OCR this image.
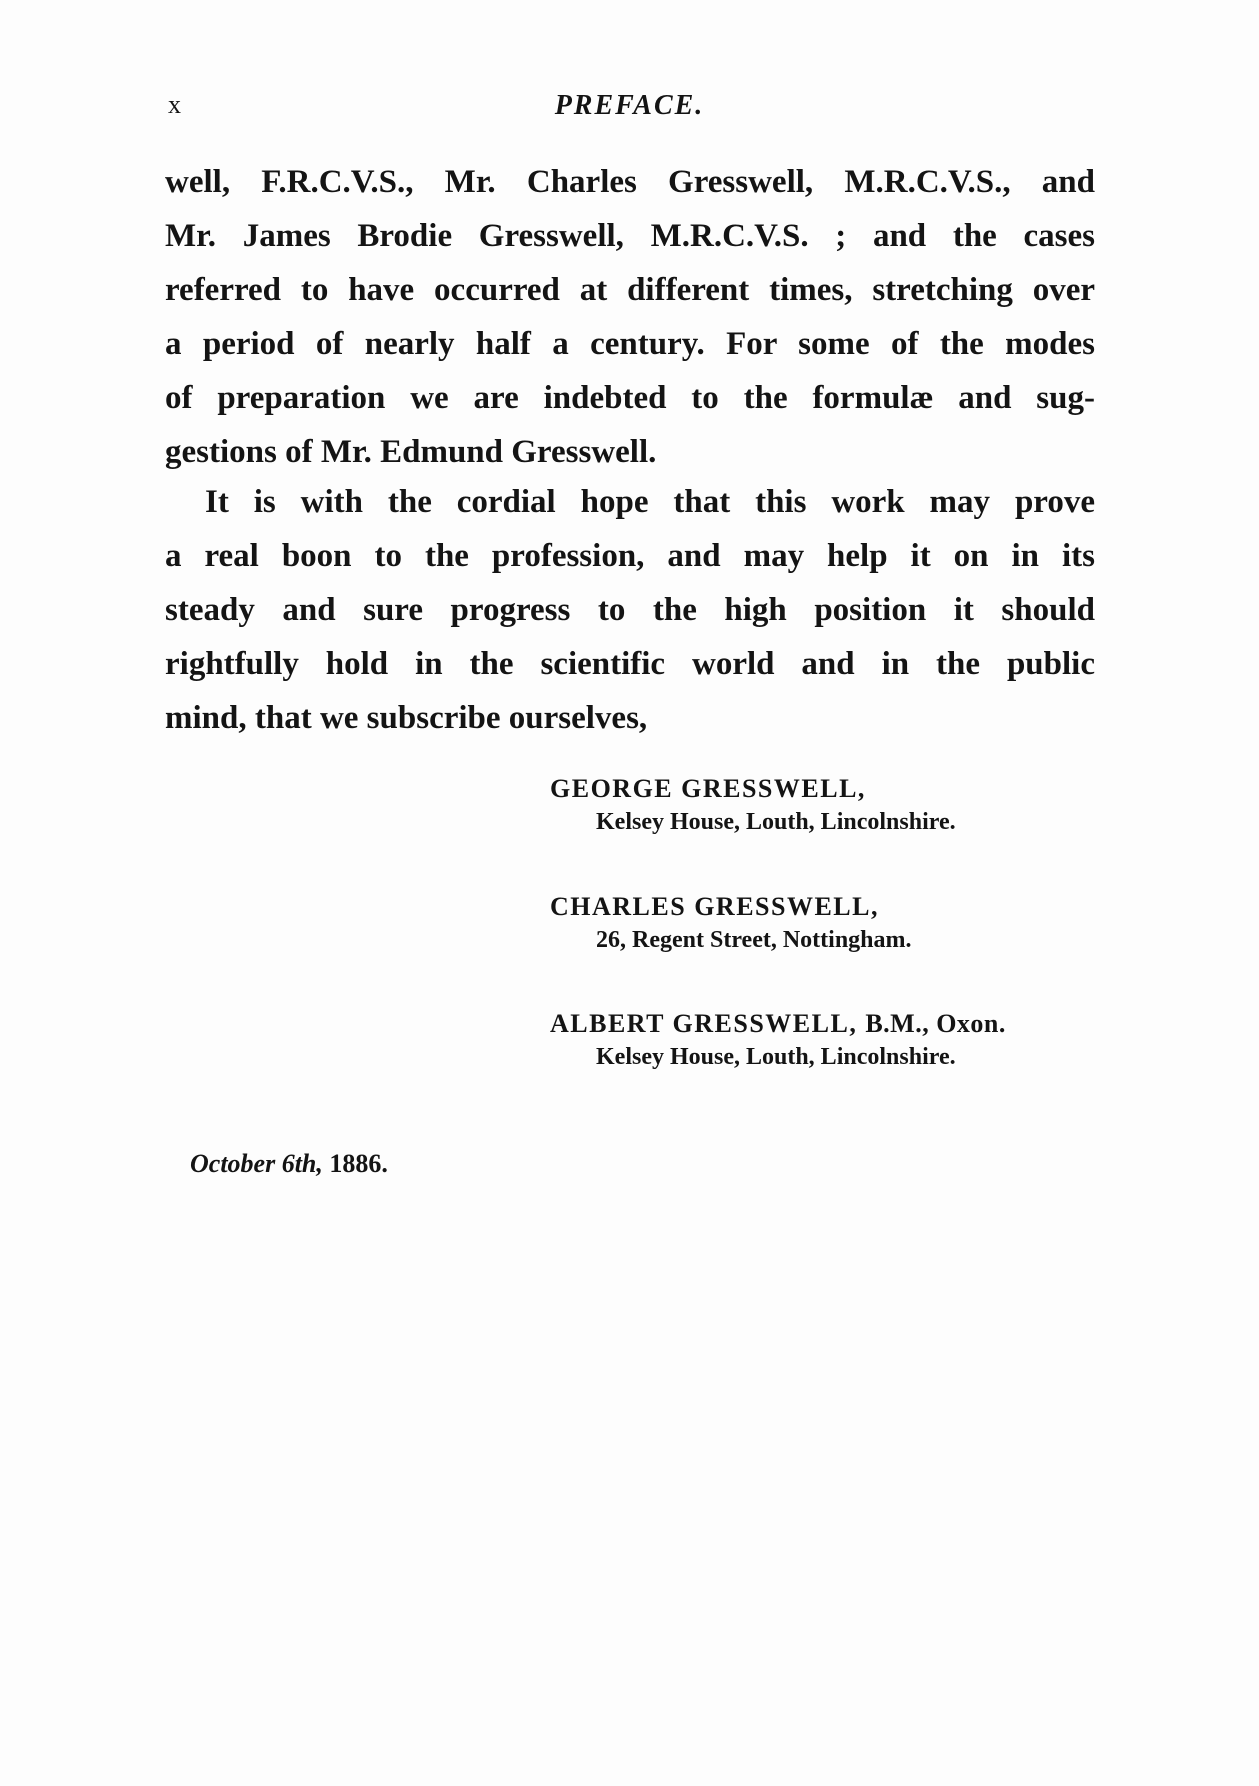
x	PREFACE.
well, F.R.C.V.S., Mr. Charles Gresswell, M.R.C.V.S., and
Mr. James Brodie Gresswell, M.R.C.V.S. ; and the cases
referred to have occurred at different times, stretching over
a period of nearly half a century. For some of the modes
of preparation we are indebted to the formulæ and sug-
gestions of Mr. Edmund Gresswell.
It is with the cordial hope that this work may prove
a real boon to the profession, and may help it on in its
steady and sure progress to the high position it should
rightfully hold in the scientific world and in the public
mind, that we subscribe ourselves,
GEORGE GRESSWELL,
Kelsey House, Louth, Lincolnshire.
CHARLES GRESSWELL,
26, Regent Street, Nottingham.
ALBERT GRESSWELL, B.M., Oxon.
Kelsey House, Louth, Lincolnshire.
October 6th, 1886.
